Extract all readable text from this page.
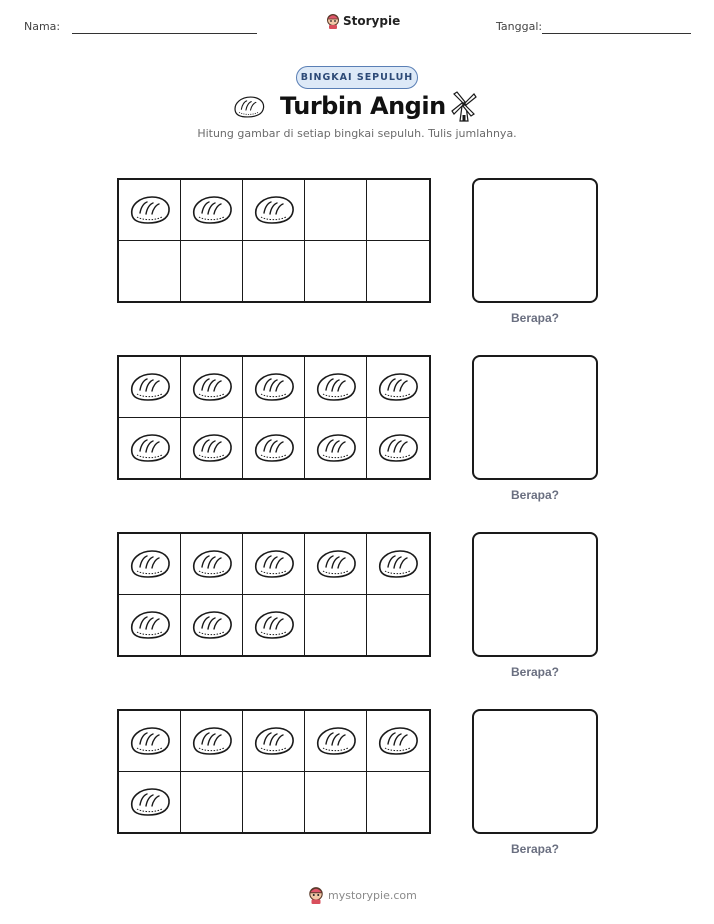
Nama:	Storypie	Tanggal:
BINGKAI SEPULUH
Turbin Angin
Hitung gambar di setiap bingkai sepuluh. Tulis jumlahnya.
Berapa?
Berapa?
Berapa?
Berapa?
mystorypie.com
